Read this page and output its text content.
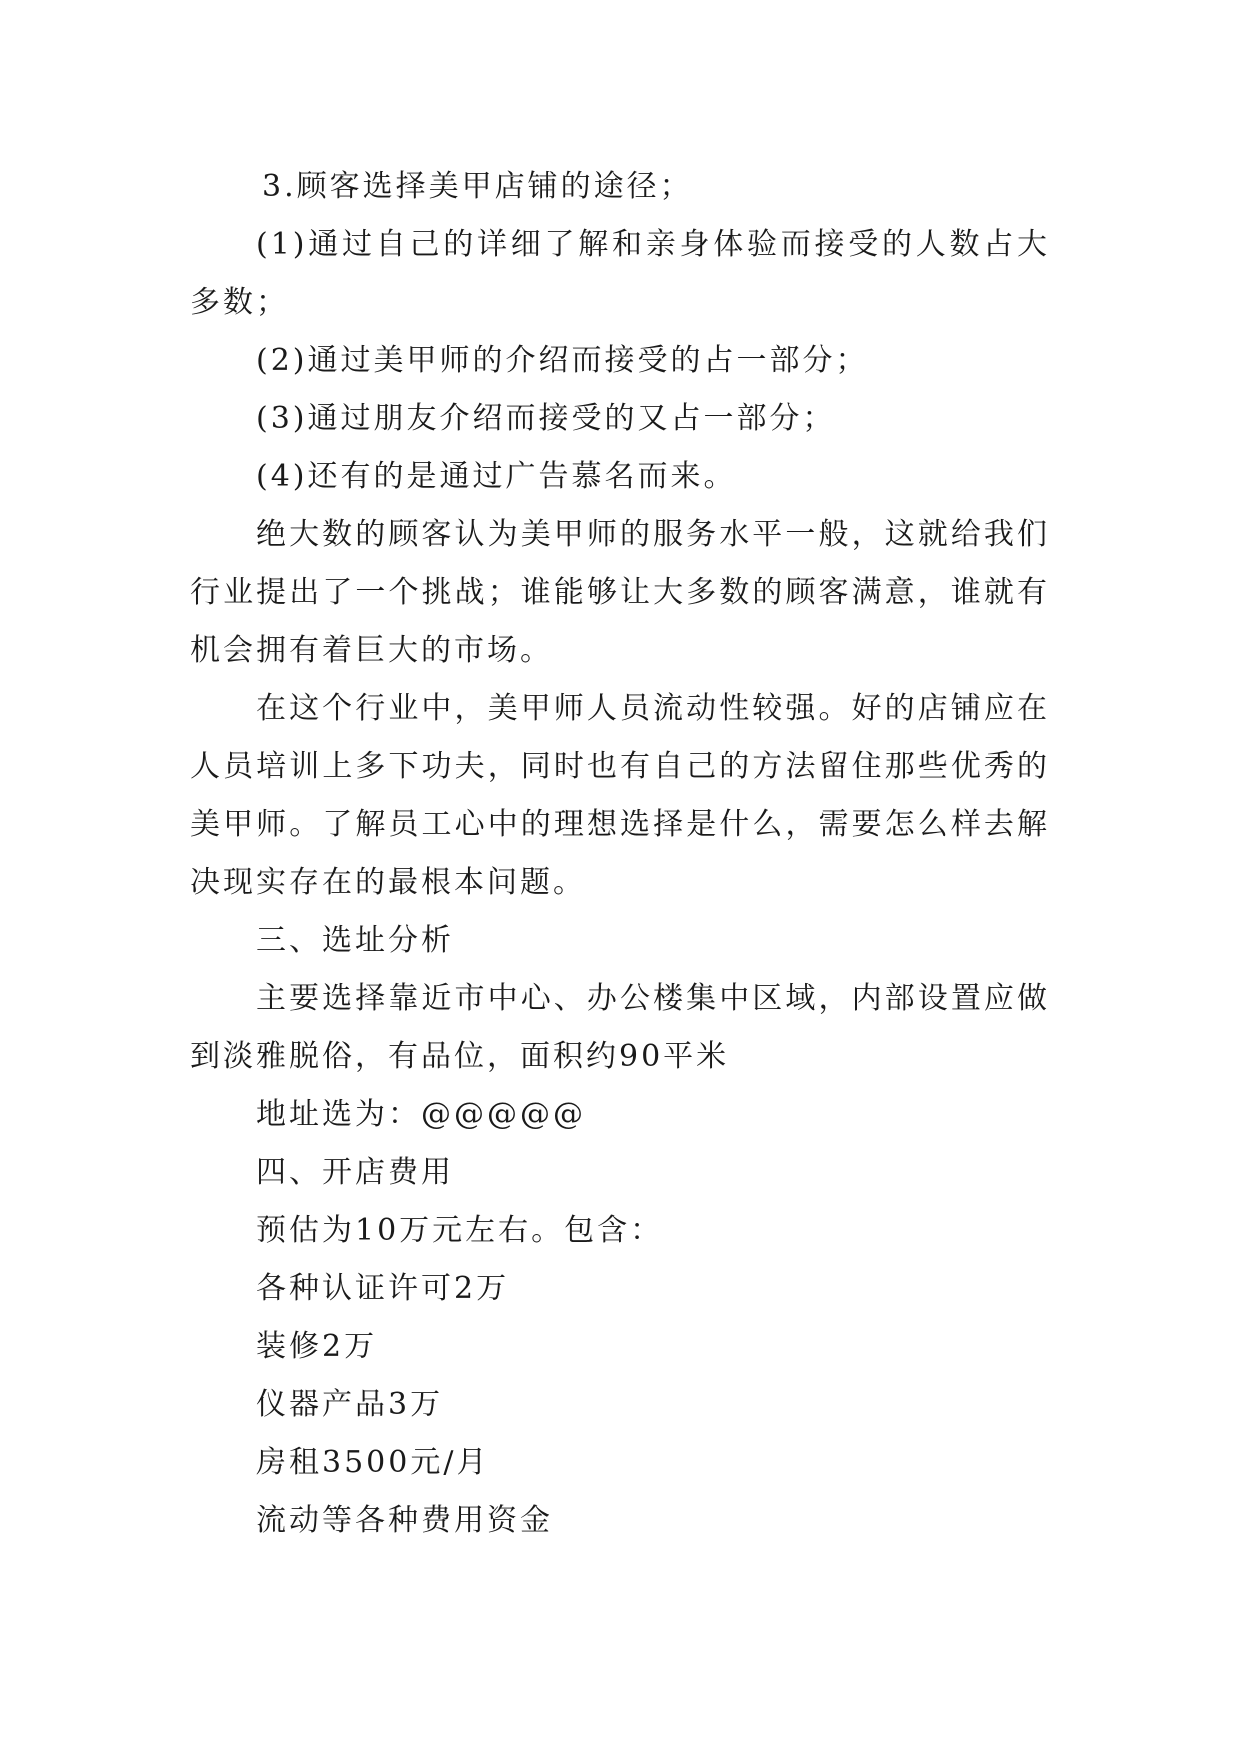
3.顾客选择美甲店铺的途径；

(1)通过自己的详细了解和亲身体验而接受的人数占大多数；

(2)通过美甲师的介绍而接受的占一部分；

(3)通过朋友介绍而接受的又占一部分；

(4)还有的是通过广告慕名而来。

绝大数的顾客认为美甲师的服务水平一般，这就给我们行业提出了一个挑战；谁能够让大多数的顾客满意，谁就有机会拥有着巨大的市场。

在这个行业中，美甲师人员流动性较强。好的店铺应在人员培训上多下功夫，同时也有自己的方法留住那些优秀的美甲师。了解员工心中的理想选择是什么，需要怎么样去解决现实存在的最根本问题。

三、选址分析

主要选择靠近市中心、办公楼集中区域，内部设置应做到淡雅脱俗，有品位，面积约90平米

地址选为：@@@@@

四、开店费用

预估为10万元左右。包含：

各种认证许可2万

装修2万

仪器产品3万

房租3500元/月

流动等各种费用资金
